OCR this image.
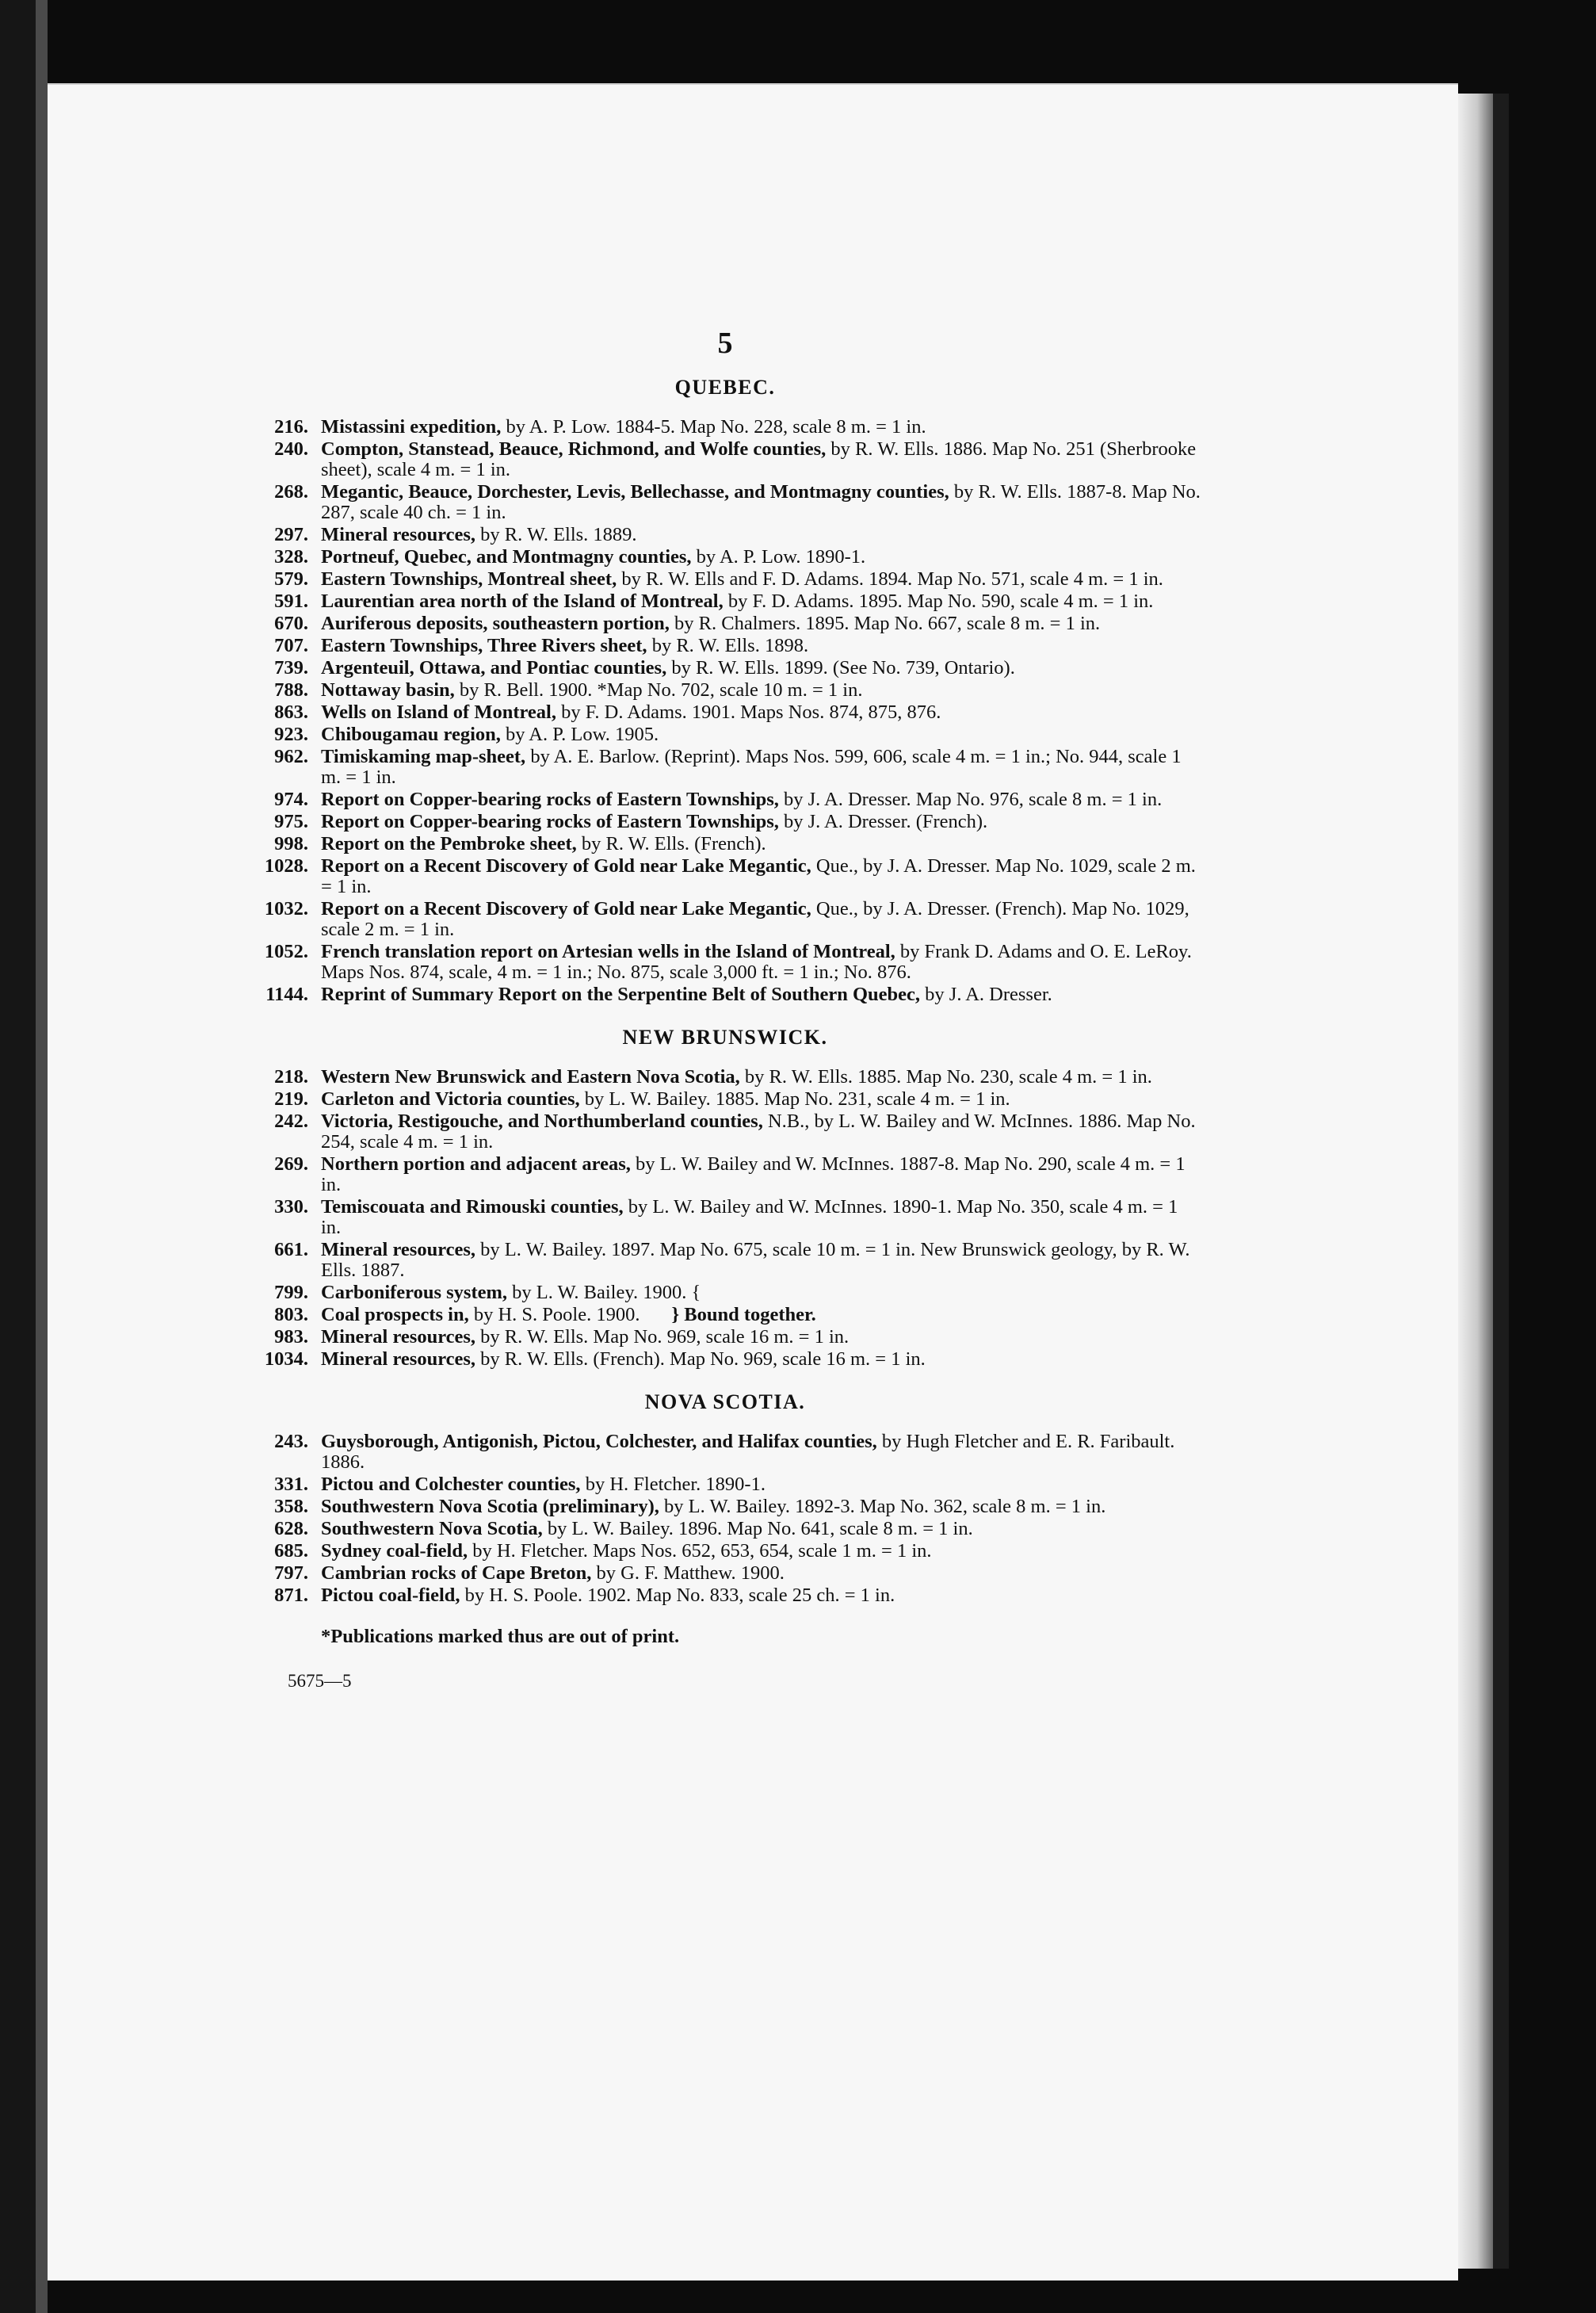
5
QUEBEC.
216 . Mistassini expedition, by A. P. Low. 1884-5. Map No. 228, scale 8 m. = 1 in.
240 . Compton, Stanstead, Beauce, Richmond, and Wolfe counties, by R. W. Ells. 1886. Map No. 251 (Sherbrooke sheet), scale 4 m. = 1 in.
268 . Megantic, Beauce, Dorchester, Levis, Bellechasse, and Montmagny counties, by R. W. Ells. 1887-8. Map No. 287, scale 40 ch. = 1 in.
297 . Mineral resources, by R. W. Ells. 1889.
328 . Portneuf, Quebec, and Montmagny counties, by A. P. Low. 1890-1.
579 . Eastern Townships, Montreal sheet, by R. W. Ells and F. D. Adams. 1894. Map No. 571, scale 4 m. = 1 in.
591 . Laurentian area north of the Island of Montreal, by F. D. Adams. 1895. Map No. 590, scale 4 m. = 1 in.
670 . Auriferous deposits, southeastern portion, by R. Chalmers. 1895. Map No. 667, scale 8 m. = 1 in.
707 . Eastern Townships, Three Rivers sheet, by R. W. Ells. 1898.
739 . Argenteuil, Ottawa, and Pontiac counties, by R. W. Ells. 1899. (See No. 739, Ontario).
788 . Nottaway basin, by R. Bell. 1900. *Map No. 702, scale 10 m. = 1 in.
863 . Wells on Island of Montreal, by F. D. Adams. 1901. Maps Nos. 874, 875, 876.
923 . Chibougamau region, by A. P. Low. 1905.
962 . Timiskaming map-sheet, by A. E. Barlow. (Reprint). Maps Nos. 599, 606, scale 4 m. = 1 in.; No. 944, scale 1 m. = 1 in.
974 . Report on Copper-bearing rocks of Eastern Townships, by J. A. Dresser. Map No. 976, scale 8 m. = 1 in.
975 . Report on Copper-bearing rocks of Eastern Townships, by J. A. Dresser. (French).
998 . Report on the Pembroke sheet, by R. W. Ells. (French).
1028 . Report on a Recent Discovery of Gold near Lake Megantic, Que., by J. A. Dresser. Map No. 1029, scale 2 m. = 1 in.
1032 . Report on a Recent Discovery of Gold near Lake Megantic, Que., by J. A. Dresser. (French). Map No. 1029, scale 2 m. = 1 in.
1052 . French translation report on Artesian wells in the Island of Montreal, by Frank D. Adams and O. E. LeRoy. Maps Nos. 874, scale, 4 m. = 1 in.; No. 875, scale 3,000 ft. = 1 in.; No. 876.
1144 . Reprint of Summary Report on the Serpentine Belt of Southern Quebec, by J. A. Dresser.
NEW BRUNSWICK.
218 . Western New Brunswick and Eastern Nova Scotia, by R. W. Ells. 1885. Map No. 230, scale 4 m. = 1 in.
219 . Carleton and Victoria counties, by L. W. Bailey. 1885. Map No. 231, scale 4 m. = 1 in.
242 . Victoria, Restigouche, and Northumberland counties, N.B., by L. W. Bailey and W. McInnes. 1886. Map No. 254, scale 4 m. = 1 in.
269 . Northern portion and adjacent areas, by L. W. Bailey and W. McInnes. 1887-8. Map No. 290, scale 4 m. = 1 in.
330 . Temiscouata and Rimouski counties, by L. W. Bailey and W. McInnes. 1890-1. Map No. 350, scale 4 m. = 1 in.
661 . Mineral resources, by L. W. Bailey. 1897. Map No. 675, scale 10 m. = 1 in. New Brunswick geology, by R. W. Ells. 1887.
799 . Carboniferous system, by L. W. Bailey. 1900. {
803 . Coal prospects in, by H. S. Poole. 1900. } Bound together.
983 . Mineral resources, by R. W. Ells. Map No. 969, scale 16 m. = 1 in.
1034 . Mineral resources, by R. W. Ells. (French). Map No. 969, scale 16 m. = 1 in.
NOVA SCOTIA.
243 . Guysborough, Antigonish, Pictou, Colchester, and Halifax counties, by Hugh Fletcher and E. R. Faribault. 1886.
331 . Pictou and Colchester counties, by H. Fletcher. 1890-1.
358 . Southwestern Nova Scotia (preliminary), by L. W. Bailey. 1892-3. Map No. 362, scale 8 m. = 1 in.
628 . Southwestern Nova Scotia, by L. W. Bailey. 1896. Map No. 641, scale 8 m. = 1 in.
685 . Sydney coal-field, by H. Fletcher. Maps Nos. 652, 653, 654, scale 1 m. = 1 in.
797 . Cambrian rocks of Cape Breton, by G. F. Matthew. 1900.
871 . Pictou coal-field, by H. S. Poole. 1902. Map No. 833, scale 25 ch. = 1 in.
*Publications marked thus are out of print.
5675—5
